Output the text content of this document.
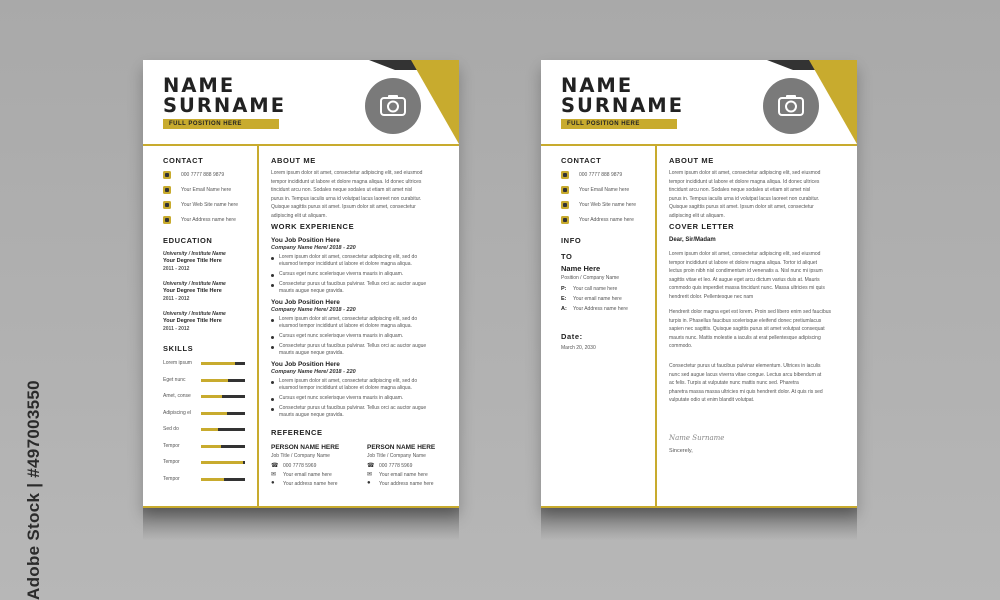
Adobe Stock | #497003550
NAME
SURNAME
FULL POSITION HERE
CONTACT
000 7777 888 9879
Your Email Name here
Your Web Site name here
Your Address name here
EDUCATION
University / Institute Name
Your Degree Title Here
2011 - 2012
University / Institute Name
Your Degree Title Here
2011 - 2012
University / Institute Name
Your Degree Title Here
2011 - 2012
SKILLS
Lorem ipsum
Eget nunc
Amet, conse
Adipiscing el
Sed do
Tempor
Tempor
Tempor
ABOUT ME
Lorem ipsum dolor sit amet, consectetur adipiscing elit, sed eiusmod
tempor incididunt ut labore et dolore magna aliqua. Id donec ultrices
tincidunt arcu non. Sodales neque sodales ut etiam sit amet nisl
purus in. Tempus iaculis urna id volutpat lacus laoreet non curabitur.
Quisque sagittis purus sit amet. Ipsum dolor sit amet, consectetur
adipiscing elit ut aliquam.
WORK EXPERIENCE
You Job Position Here
Company Name Here/ 2018 - 220
Lorem ipsum dolor sit amet, consectetur adipiscing elit, sed do
eiusmod tempor incididunt ut labore et dolore magna aliqua.
Cursus eget nunc scelerisque viverra mauris in aliquam.
Consectetur purus ut faucibus pulvinar. Tellus orci ac auctor augue
mauris augue neque gravida.
You Job Position Here
Company Name Here/ 2018 - 220
Lorem ipsum dolor sit amet, consectetur adipiscing elit, sed do
eiusmod tempor incididunt ut labore et dolore magna aliqua.
Cursus eget nunc scelerisque viverra mauris in aliquam.
Consectetur purus ut faucibus pulvinar. Tellus orci ac auctor augue
mauris augue neque gravida.
You Job Position Here
Company Name Here/ 2018 - 220
Lorem ipsum dolor sit amet, consectetur adipiscing elit, sed do
eiusmod tempor incididunt ut labore et dolore magna aliqua.
Cursus eget nunc scelerisque viverra mauris in aliquam.
Consectetur purus ut faucibus pulvinar. Tellus orci ac auctor augue
mauris augue neque gravida.
REFERENCE
PERSON NAME HERE
Job Title / Company Name
☎ 000 7778 5969
✉ Your email name here
● Your address name here
PERSON NAME HERE
Job Title / Company Name
☎ 000 7778 5969
✉ Your email name here
● Your address name here
NAME
SURNAME
FULL POSITION HERE
CONTACT
000 7777 888 9879
Your Email Name here
Your Web Site name here
Your Address name here
INFO
TO
Name Here
Position / Company Name
P: Your call name here
E: Your email name here
A: Your Address name here
Date:
March 20, 2030
ABOUT ME
Lorem ipsum dolor sit amet, consectetur adipiscing elit, sed eiusmod
tempor incididunt ut labore et dolore magna aliqua. Id donec ultrices
tincidunt arcu non. Sodales neque sodales ut etiam sit amet nisl
purus in. Tempus iaculis urna id volutpat lacus laoreet non curabitur.
Quisque sagittis purus sit amet. Ipsum dolor sit amet, consectetur
adipiscing elit ut aliquam.
COVER LETTER
Dear, Sir/Madam
Lorem ipsum dolor sit amet, consectetur adipiscing elit, sed eiusmod
tempor incididunt ut labore et dolore magna aliqua. Tortor id aliquet
lectus proin nibh nisl condimentum id venenatis a. Nisl nunc mi ipsum
sagittis vitae et leo. At augue eget arcu dictum varius duis at. Mauris
commodo quis imperdiet massa tincidunt nunc. Massa ultricies mi quis
hendrerit dolor. Pellentesque nec nam
Hendrerit dolor magna eget est lorem. Proin sed libero enim sed faucibus
turpis in. Phasellus faucibus scelerisque eleifend donec pretiumlacus
sapien nec sagittis. Quisque sagittis purus sit amet volutpat consequat
mauris nunc. Mattis molestie a iaculis at erat pellentesque adipiscing
commodo.
Consectetur purus ut faucibus pulvinar elementum. Ultrices in iaculis
nunc sed augue lacus viverra vitae congue. Lectus arcu bibendum at
ac felis. Turpis at vulputate nunc mattis nunc sed. Pharetra
pharetra massa massa ultricies mi quis hendrerit dolor. At quis ris sed
vulputate odio ut enim blandit volutpat.
Name Surname
Sincerely,
